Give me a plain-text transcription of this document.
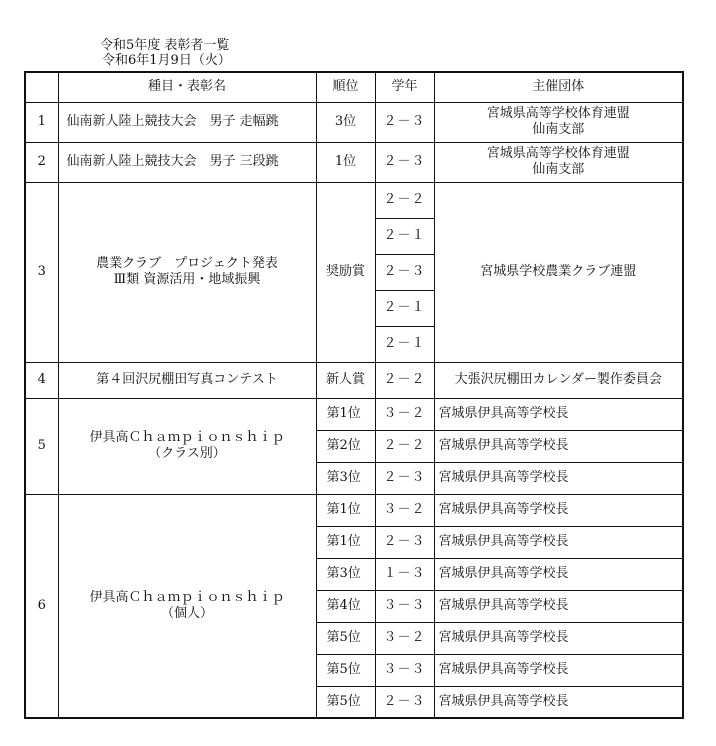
令和5年度 表彰者一覧
令和6年1月9日（火）
	種目・表彰名	順位	学年	主催団体
1	仙南新人陸上競技大会　男子 走幅跳	3位	２－３	宮城県高等学校体育連盟
仙南支部

2	仙南新人陸上競技大会　男子 三段跳	1位	２－３	宮城県高等学校体育連盟
仙南支部

3	農業クラブ　プロジェクト発表
Ⅲ類 資源活用・地域振興	奨励賞	２－２	宮城県学校農業クラブ連盟
			２－１	
			２－３	
			２－１	
			２－１	
4	第４回沢尻棚田写真コンテスト	新人賞	２－２	大張沢尻棚田カレンダー製作委員会
5	伊具高Ｃｈａｍｐｉｏｎｓｈｉｐ
（クラス別）	第1位	３－２	宮城県伊具高等学校長
		第2位	２－２	宮城県伊具高等学校長
		第3位	２－３	宮城県伊具高等学校長
6	伊具高Ｃｈａｍｐｉｏｎｓｈｉｐ
（個人）	第1位	３－２	宮城県伊具高等学校長
		第1位	２－３	宮城県伊具高等学校長
		第3位	１－３	宮城県伊具高等学校長
		第4位	３－３	宮城県伊具高等学校長
		第5位	３－２	宮城県伊具高等学校長
		第5位	３－３	宮城県伊具高等学校長
		第5位	２－３	宮城県伊具高等学校長
